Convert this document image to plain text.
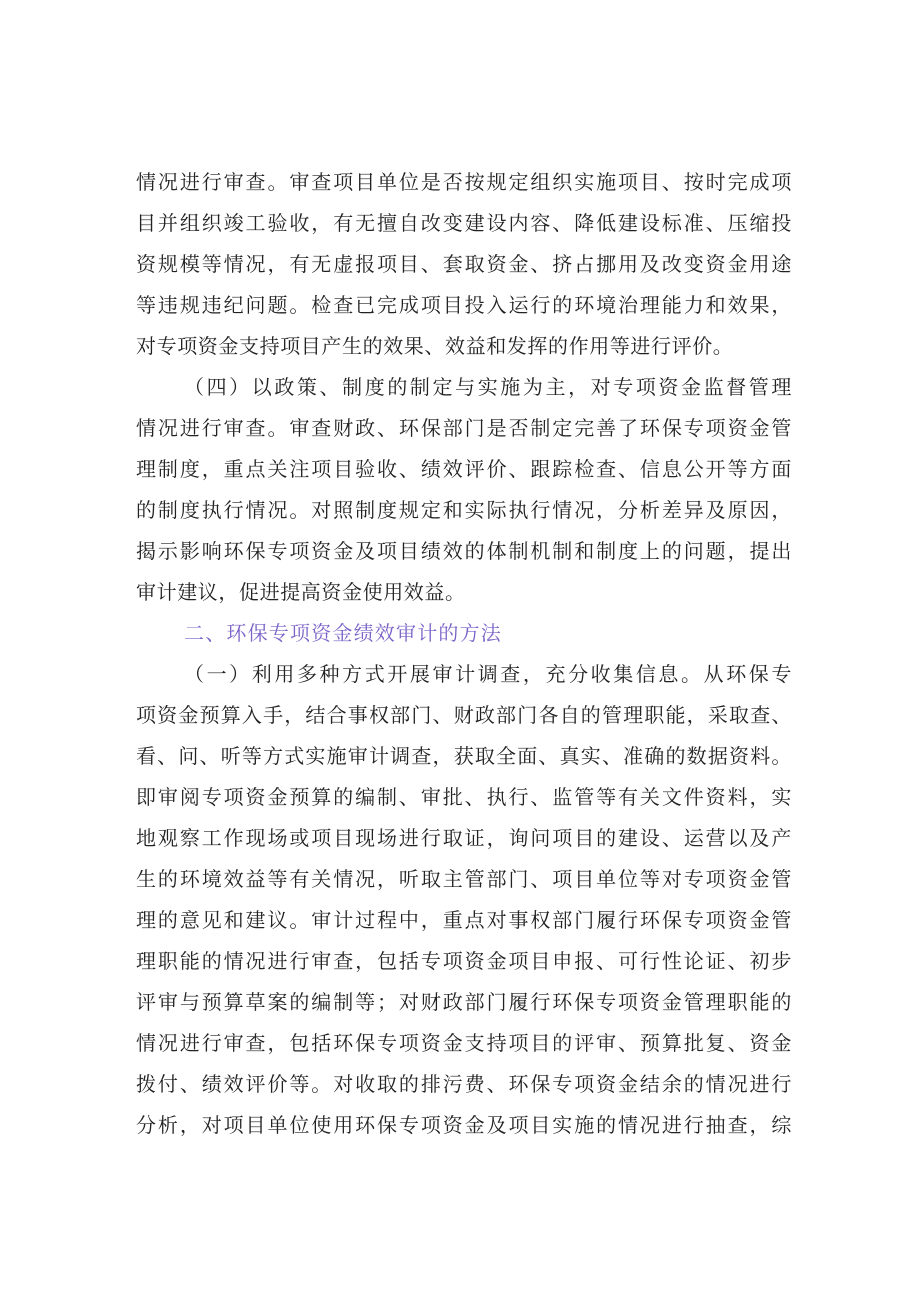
情况进行审查。审查项目单位是否按规定组织实施项目、按时完成项
目并组织竣工验收，有无擅自改变建设内容、降低建设标准、压缩投
资规模等情况，有无虚报项目、套取资金、挤占挪用及改变资金用途
等违规违纪问题。检查已完成项目投入运行的环境治理能力和效果，
对专项资金支持项目产生的效果、效益和发挥的作用等进行评价。
（四）以政策、制度的制定与实施为主，对专项资金监督管理
情况进行审查。审查财政、环保部门是否制定完善了环保专项资金管
理制度，重点关注项目验收、绩效评价、跟踪检查、信息公开等方面
的制度执行情况。对照制度规定和实际执行情况，分析差异及原因，
揭示影响环保专项资金及项目绩效的体制机制和制度上的问题，提出
审计建议，促进提高资金使用效益。
二、环保专项资金绩效审计的方法
（一）利用多种方式开展审计调查，充分收集信息。从环保专
项资金预算入手，结合事权部门、财政部门各自的管理职能，采取查、
看、问、听等方式实施审计调查，获取全面、真实、准确的数据资料。
即审阅专项资金预算的编制、审批、执行、监管等有关文件资料，实
地观察工作现场或项目现场进行取证，询问项目的建设、运营以及产
生的环境效益等有关情况，听取主管部门、项目单位等对专项资金管
理的意见和建议。审计过程中，重点对事权部门履行环保专项资金管
理职能的情况进行审查，包括专项资金项目申报、可行性论证、初步
评审与预算草案的编制等；对财政部门履行环保专项资金管理职能的
情况进行审查，包括环保专项资金支持项目的评审、预算批复、资金
拨付、绩效评价等。对收取的排污费、环保专项资金结余的情况进行
分析，对项目单位使用环保专项资金及项目实施的情况进行抽查，综
